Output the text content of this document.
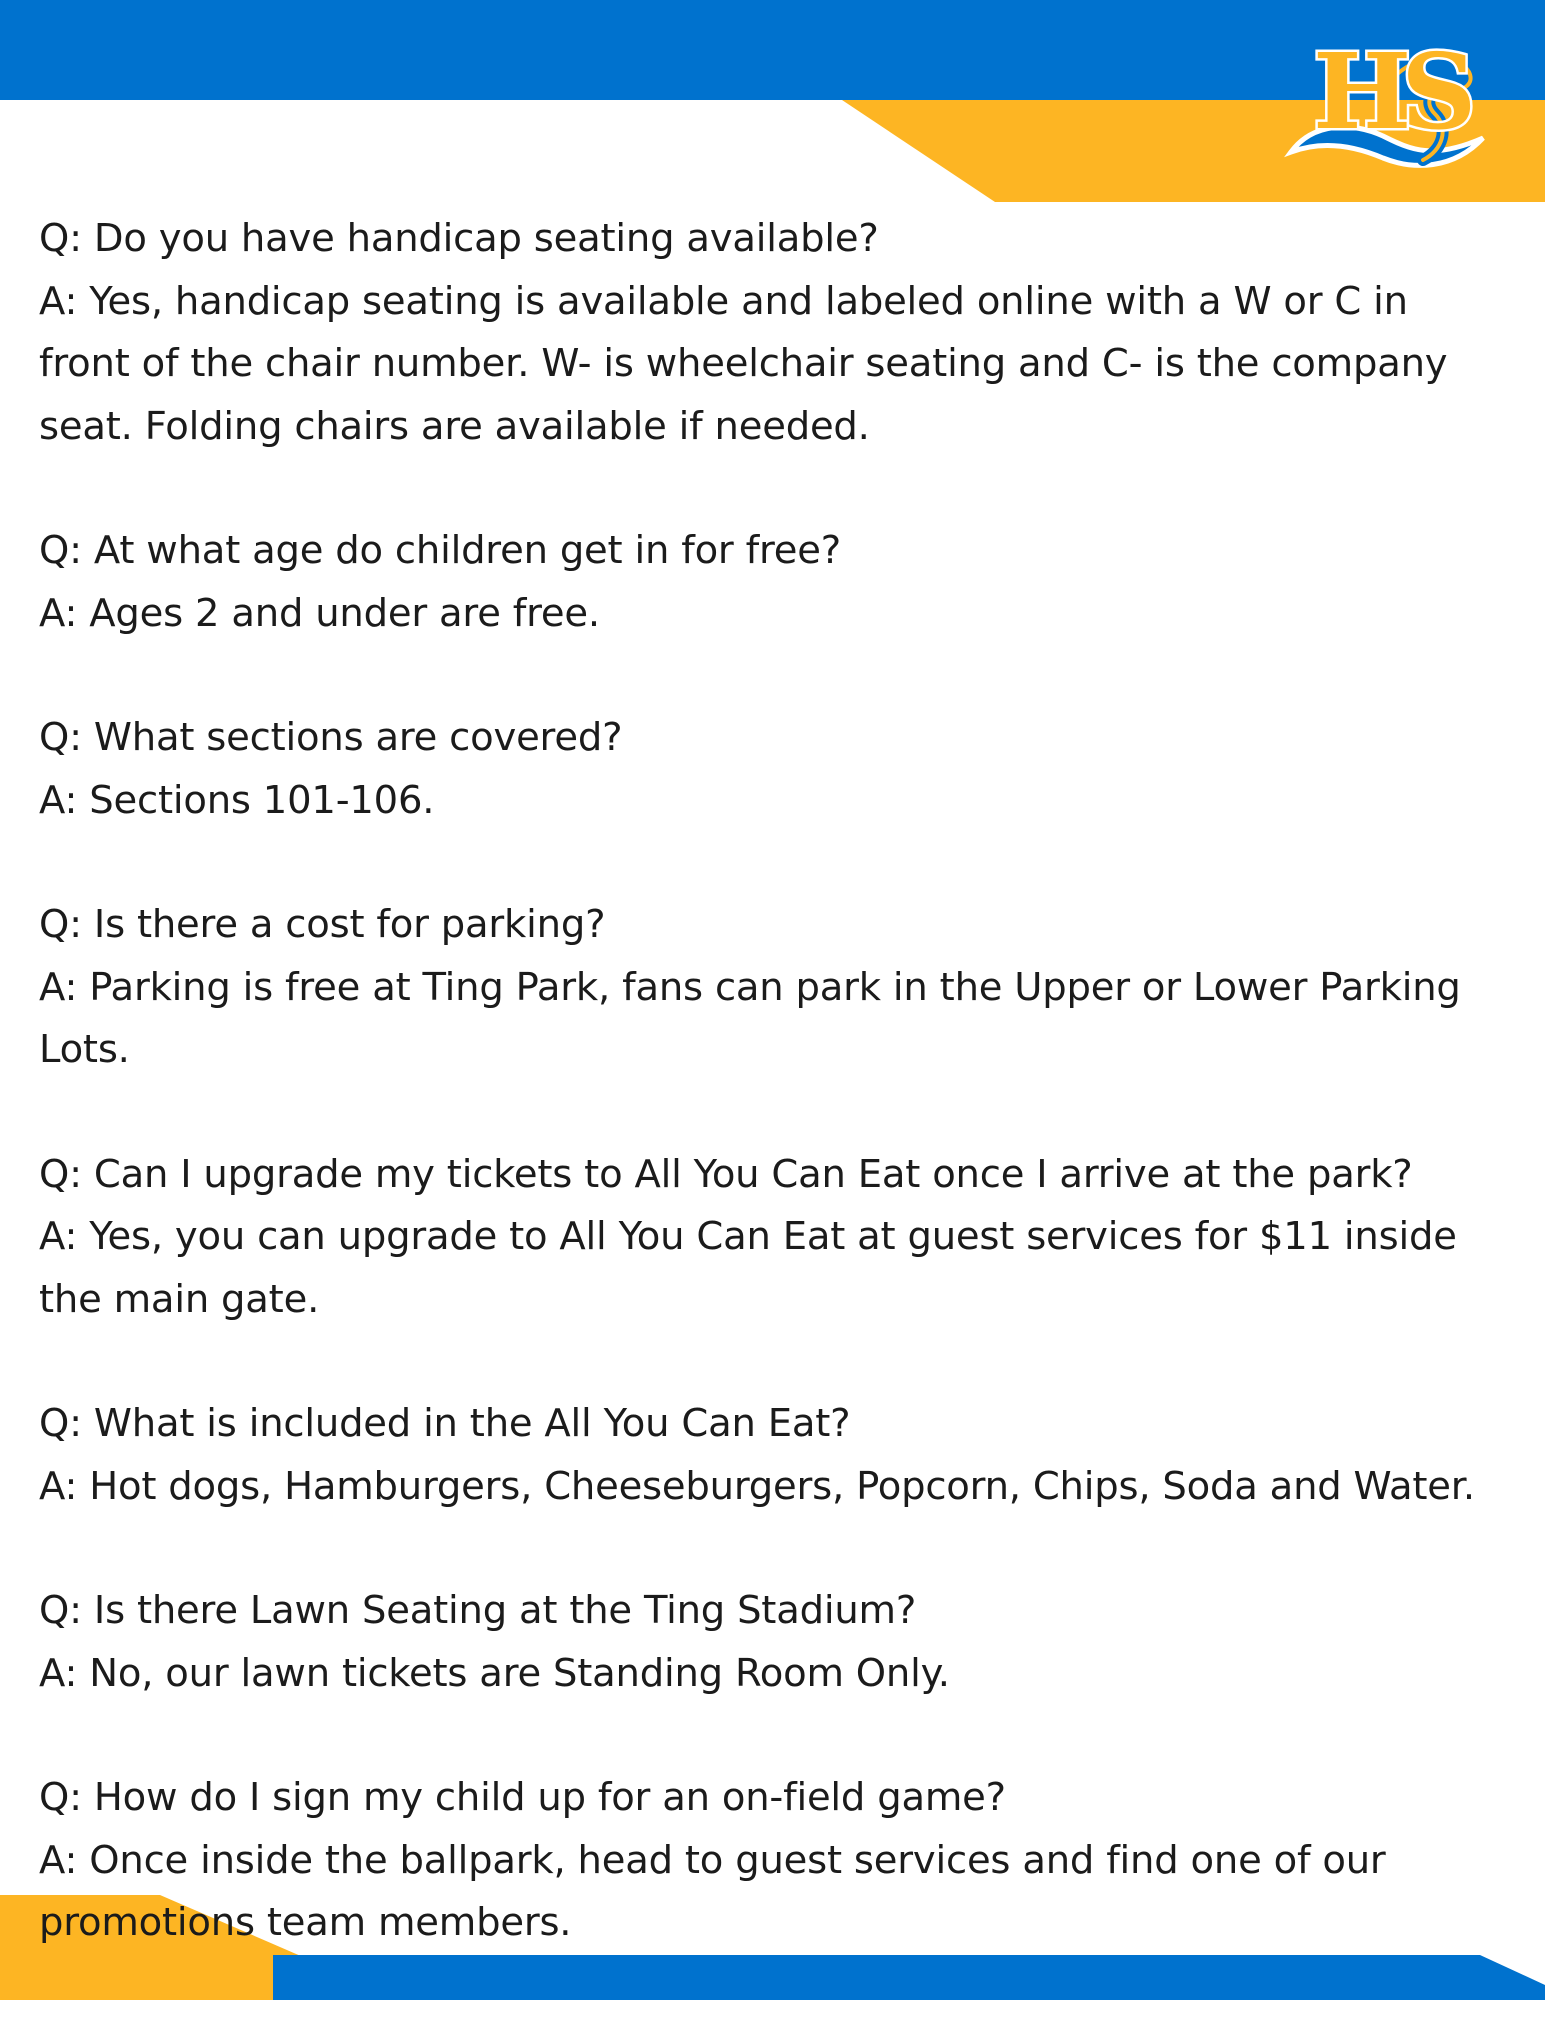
HS

Q: Do you have handicap seating available?

A: Yes, handicap seating is available and labeled online with a W or C in front of the chair number. W- is wheelchair seating and C- is the company seat. Folding chairs are available if needed.

Q: At what age do children get in for free?

A: Ages 2 and under are free.

Q: What sections are covered?

A: Sections 101-106.

Q: Is there a cost for parking?

A: Parking is free at Ting Park, fans can park in the Upper or Lower Parking Lots.

Q: Can I upgrade my tickets to All You Can Eat once I arrive at the park?

A: Yes, you can upgrade to All You Can Eat at guest services for $11 inside the main gate.

Q: What is included in the All You Can Eat?

A: Hot dogs, Hamburgers, Cheeseburgers, Popcorn, Chips, Soda and Water.

Q: Is there Lawn Seating at the Ting Stadium?

A: No, our lawn tickets are Standing Room Only.

Q: How do I sign my child up for an on-field game?

A: Once inside the ballpark, head to guest services and find one of our promotions team members.
